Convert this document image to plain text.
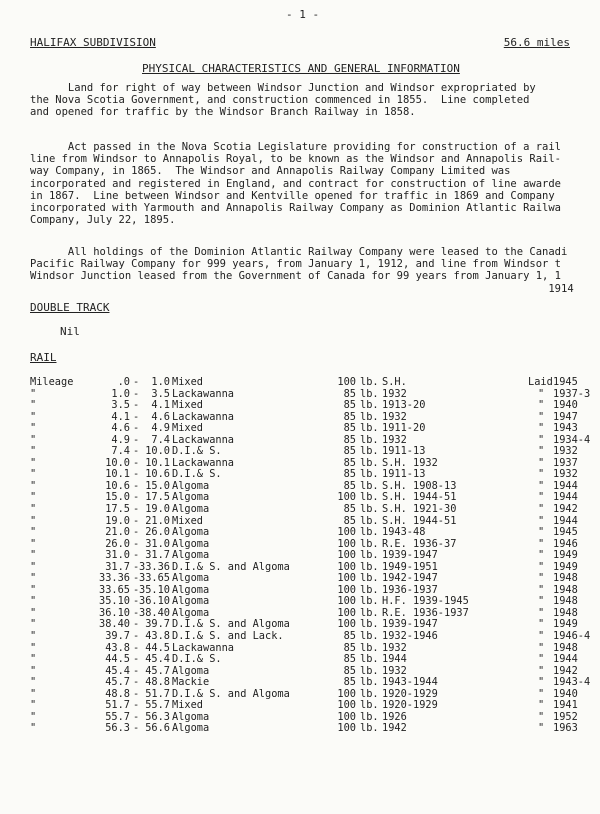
- 1 -
HALIFAX SUBDIVISION	56.6 miles
PHYSICAL CHARACTERISTICS AND GENERAL INFORMATION
Land for right of way between Windsor Junction and Windsor expropriated by
the Nova Scotia Government, and construction commenced in 1855.  Line completed
and opened for traffic by the Windsor Branch Railway in 1858.
Act passed in the Nova Scotia Legislature providing for construction of a rail
line from Windsor to Annapolis Royal, to be known as the Windsor and Annapolis Rail-
way Company, in 1865.  The Windsor and Annapolis Railway Company Limited was
incorporated and registered in England, and contract for construction of line awarde
in 1867.  Line between Windsor and Kentville opened for traffic in 1869 and Company
incorporated with Yarmouth and Annapolis Railway Company as Dominion Atlantic Railwa
Company, July 22, 1895.
All holdings of the Dominion Atlantic Railway Company were leased to the Canadi
Pacific Railway Company for 999 years, from January 1, 1912, and line from Windsor t
Windsor Junction leased from the Government of Canada for 99 years from January 1, 1
1914
DOUBLE TRACK
Nil
RAIL
Mileage	.0 -	1.0 Mixed	100 lb. S.H.	Laid 1945
"	1.0 -	3.5 Lackawanna	85 lb. 1932	" 1937-3
"	3.5 -	4.1 Mixed	85 lb. 1913-20	" 1940
"	4.1 -	4.6 Lackawanna	85 lb. 1932	" 1947
"	4.6 -	4.9 Mixed	85 lb. 1911-20	" 1943
"	4.9 -	7.4 Lackawanna	85 lb. 1932	" 1934-4
"	7.4 - 10.0 D.I.& S.	85 lb. 1911-13	" 1932
"	10.0 - 10.1 Lackawanna	85 lb. S.H. 1932	" 1937
"	10.1 - 10.6 D.I.& S.	85 lb. 1911-13	" 1932
"	10.6 - 15.0 Algoma	85 lb. S.H. 1908-13	" 1944
"	15.0 - 17.5 Algoma	100 lb. S.H. 1944-51	" 1944
"	17.5 - 19.0 Algoma	85 lb. S.H. 1921-30	" 1942
"	19.0 - 21.0 Mixed	85 lb. S.H. 1944-51	" 1944
"	21.0 - 26.0 Algoma	100 lb. 1943-48	" 1945
"	26.0 - 31.0 Algoma	100 lb. R.E. 1936-37	" 1946
"	31.0 - 31.7 Algoma	100 lb. 1939-1947	" 1949
"	31.7 - 33.36 D.I.& S. and Algoma	100 lb. 1949-1951	" 1949
"	33.36 - 33.65 Algoma	100 lb. 1942-1947	" 1948
"	33.65 - 35.10 Algoma	100 lb. 1936-1937	" 1948
"	35.10 - 36.10 Algoma	100 lb. H.F. 1939-1945	" 1948
"	36.10 - 38.40 Algoma	100 lb. R.E. 1936-1937	" 1948
"	38.40 - 39.7 D.I.& S. and Algoma	100 lb. 1939-1947	" 1949
"	39.7 - 43.8 D.I.& S. and Lack.	85 lb. 1932-1946	" 1946-4
"	43.8 - 44.5 Lackawanna	85 lb. 1932	" 1948
"	44.5 - 45.4 D.I.& S.	85 lb. 1944	" 1944
"	45.4 - 45.7 Algoma	85 lb. 1932	" 1942
"	45.7 - 48.8 Mackie	85 lb. 1943-1944	" 1943-4
"	48.8 - 51.7 D.I.& S. and Algoma	100 lb. 1920-1929	" 1940
"	51.7 - 55.7 Mixed	100 lb. 1920-1929	" 1941
"	55.7 - 56.3 Algoma	100 lb. 1926	" 1952
"	56.3 - 56.6 Algoma	100 lb. 1942	" 1963
